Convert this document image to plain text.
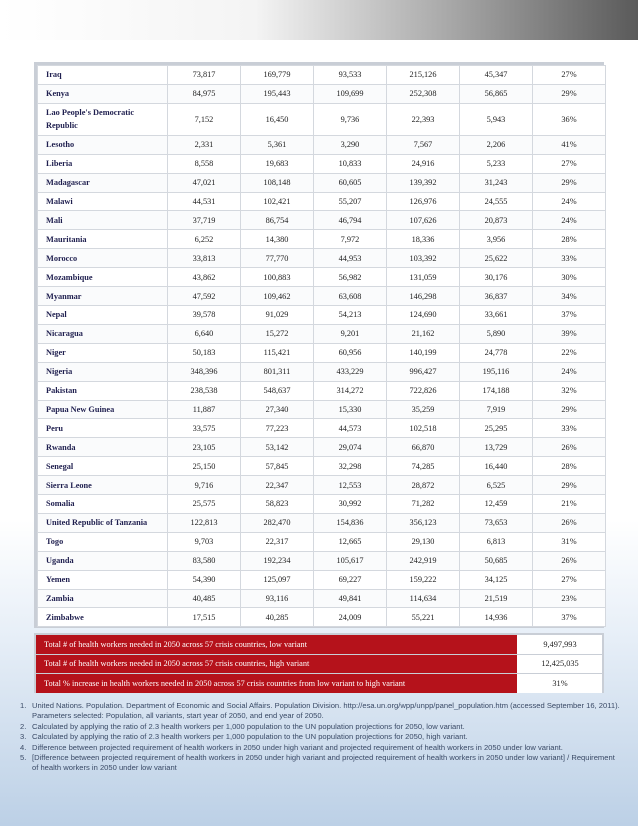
Iraq	73,817	169,779	93,533	215,126	45,347	27%
Kenya	84,975	195,443	109,699	252,308	56,865	29%
Lao People's Democratic Republic	7,152	16,450	9,736	22,393	5,943	36%
Lesotho	2,331	5,361	3,290	7,567	2,206	41%
Liberia	8,558	19,683	10,833	24,916	5,233	27%
Madagascar	47,021	108,148	60,605	139,392	31,243	29%
Malawi	44,531	102,421	55,207	126,976	24,555	24%
Mali	37,719	86,754	46,794	107,626	20,873	24%
Mauritania	6,252	14,380	7,972	18,336	3,956	28%
Morocco	33,813	77,770	44,953	103,392	25,622	33%
Mozambique	43,862	100,883	56,982	131,059	30,176	30%
Myanmar	47,592	109,462	63,608	146,298	36,837	34%
Nepal	39,578	91,029	54,213	124,690	33,661	37%
Nicaragua	6,640	15,272	9,201	21,162	5,890	39%
Niger	50,183	115,421	60,956	140,199	24,778	22%
Nigeria	348,396	801,311	433,229	996,427	195,116	24%
Pakistan	238,538	548,637	314,272	722,826	174,188	32%
Papua New Guinea	11,887	27,340	15,330	35,259	7,919	29%
Peru	33,575	77,223	44,573	102,518	25,295	33%
Rwanda	23,105	53,142	29,074	66,870	13,729	26%
Senegal	25,150	57,845	32,298	74,285	16,440	28%
Sierra Leone	9,716	22,347	12,553	28,872	6,525	29%
Somalia	25,575	58,823	30,992	71,282	12,459	21%
United Republic of Tanzania	122,813	282,470	154,836	356,123	73,653	26%
Togo	9,703	22,317	12,665	29,130	6,813	31%
Uganda	83,580	192,234	105,617	242,919	50,685	26%
Yemen	54,390	125,097	69,227	159,222	34,125	27%
Zambia	40,485	93,116	49,841	114,634	21,519	23%
Zimbabwe	17,515	40,285	24,009	55,221	14,936	37%
Total # of health workers needed in 2050 across 57 crisis countries, low variant	9,497,993
Total # of health workers needed in 2050 across 57 crisis countries, high variant	12,425,035
Total % increase in health workers needed in 2050 across 57 crisis countries from low variant to high variant	31%
1. United Nations. Population. Department of Economic and Social Affairs. Population Division. http://esa.un.org/wpp/unpp/panel_population.htm (accessed September 16, 2011). Parameters selected: Population, all variants, start year of 2050, and end year of 2050.
2. Calculated by applying the ratio of 2.3 health workers per 1,000 population to the UN population projections for 2050, low variant.
3. Calculated by applying the ratio of 2.3 health workers per 1,000 population to the UN population projections for 2050, high variant.
4. Difference between projected requirement of health workers in 2050 under high variant and projected requirement of health workers in 2050 under low variant.
5. [Difference between projected requirement of health workers in 2050 under high variant and projected requirement of health workers in 2050 under low variant] / Requirement of health workers in 2050 under low variant
